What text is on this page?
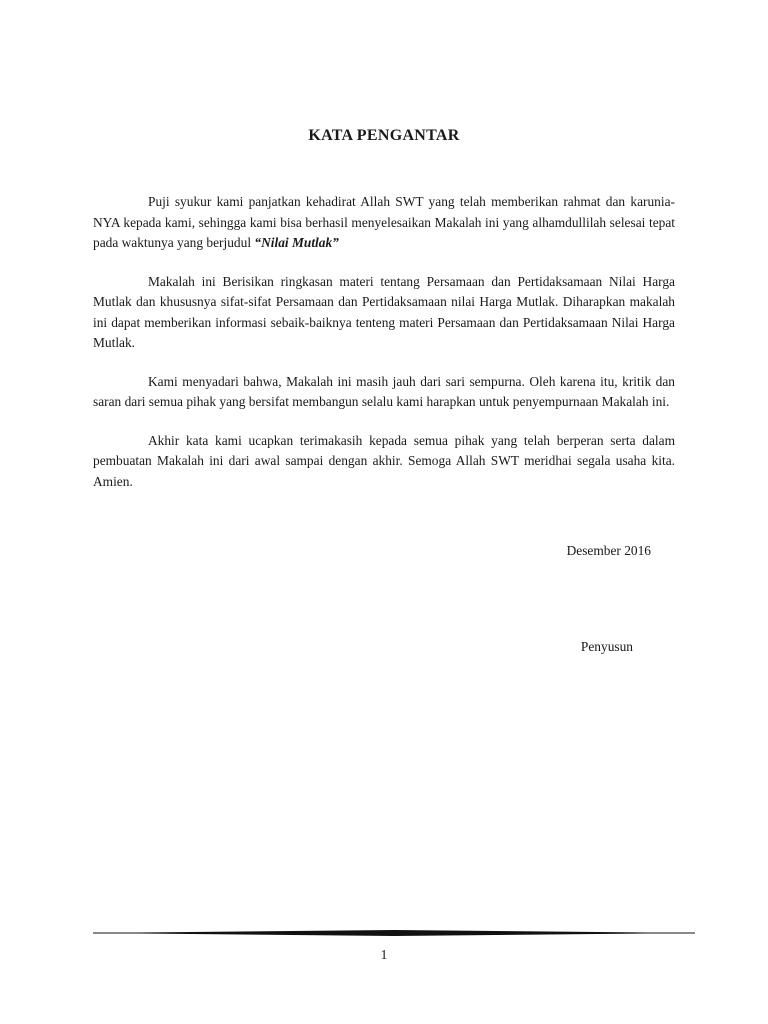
KATA PENGANTAR

Puji syukur kami panjatkan kehadirat Allah SWT yang telah memberikan rahmat dan karunia-NYA kepada kami, sehingga kami bisa berhasil menyelesaikan Makalah ini yang alhamdullilah selesai tepat pada waktunya yang berjudul “Nilai Mutlak”

Makalah ini Berisikan ringkasan materi tentang Persamaan dan Pertidaksamaan Nilai Harga Mutlak dan khususnya sifat-sifat Persamaan dan Pertidaksamaan nilai Harga Mutlak. Diharapkan makalah ini dapat memberikan informasi sebaik-baiknya tenteng materi Persamaan dan Pertidaksamaan Nilai Harga Mutlak.

Kami menyadari bahwa, Makalah ini masih jauh dari sari sempurna. Oleh karena itu, kritik dan saran dari semua pihak yang bersifat membangun selalu kami harapkan untuk penyempurnaan Makalah ini.

Akhir kata kami ucapkan terimakasih kepada semua pihak yang telah berperan serta dalam pembuatan Makalah ini dari awal sampai dengan akhir. Semoga Allah SWT meridhai segala usaha kita. Amien.

Desember 2016
Penyusun
1
